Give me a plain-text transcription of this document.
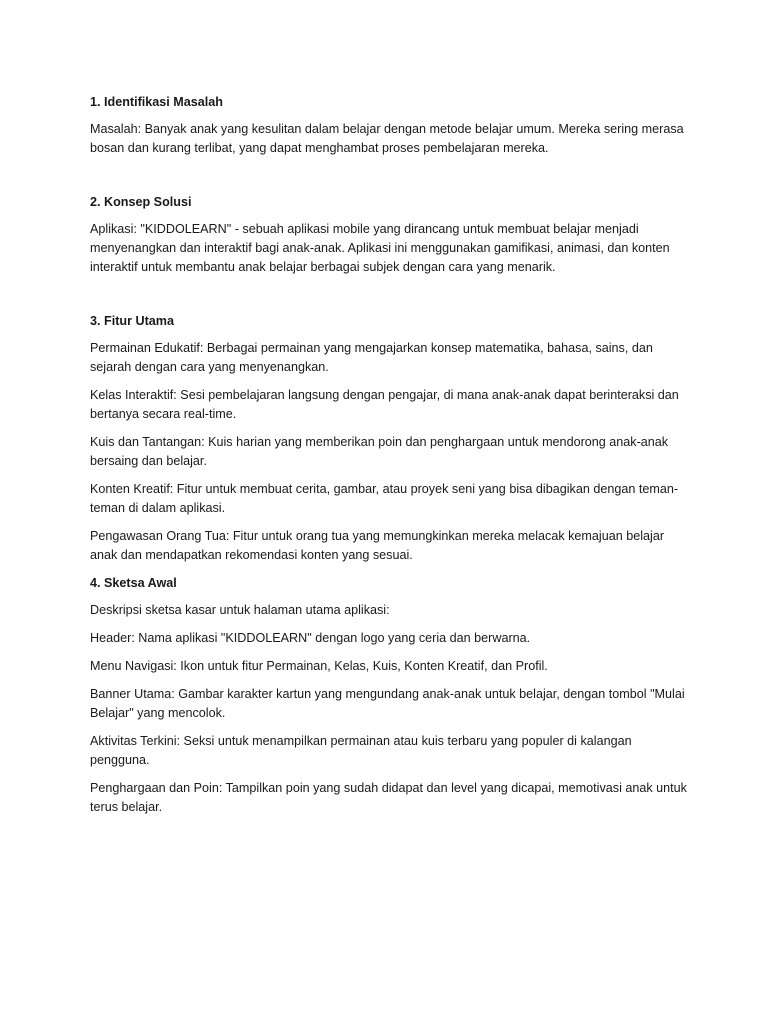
1. Identifikasi Masalah

Masalah: Banyak anak yang kesulitan dalam belajar dengan metode belajar umum. Mereka sering merasa bosan dan kurang terlibat, yang dapat menghambat proses pembelajaran mereka.

2. Konsep Solusi

Aplikasi: "KIDDOLEARN" - sebuah aplikasi mobile yang dirancang untuk membuat belajar menjadi menyenangkan dan interaktif bagi anak-anak. Aplikasi ini menggunakan gamifikasi, animasi, dan konten interaktif untuk membantu anak belajar berbagai subjek dengan cara yang menarik.

3. Fitur Utama

Permainan Edukatif: Berbagai permainan yang mengajarkan konsep matematika, bahasa, sains, dan sejarah dengan cara yang menyenangkan.

Kelas Interaktif: Sesi pembelajaran langsung dengan pengajar, di mana anak-anak dapat berinteraksi dan bertanya secara real-time.

Kuis dan Tantangan: Kuis harian yang memberikan poin dan penghargaan untuk mendorong anak-anak bersaing dan belajar.

Konten Kreatif: Fitur untuk membuat cerita, gambar, atau proyek seni yang bisa dibagikan dengan teman-teman di dalam aplikasi.

Pengawasan Orang Tua: Fitur untuk orang tua yang memungkinkan mereka melacak kemajuan belajar anak dan mendapatkan rekomendasi konten yang sesuai.

4. Sketsa Awal

Deskripsi sketsa kasar untuk halaman utama aplikasi:

Header: Nama aplikasi "KIDDOLEARN" dengan logo yang ceria dan berwarna.

Menu Navigasi: Ikon untuk fitur Permainan, Kelas, Kuis, Konten Kreatif, dan Profil.

Banner Utama: Gambar karakter kartun yang mengundang anak-anak untuk belajar, dengan tombol "Mulai Belajar" yang mencolok.

Aktivitas Terkini: Seksi untuk menampilkan permainan atau kuis terbaru yang populer di kalangan pengguna.

Penghargaan dan Poin: Tampilkan poin yang sudah didapat dan level yang dicapai, memotivasi anak untuk terus belajar.
